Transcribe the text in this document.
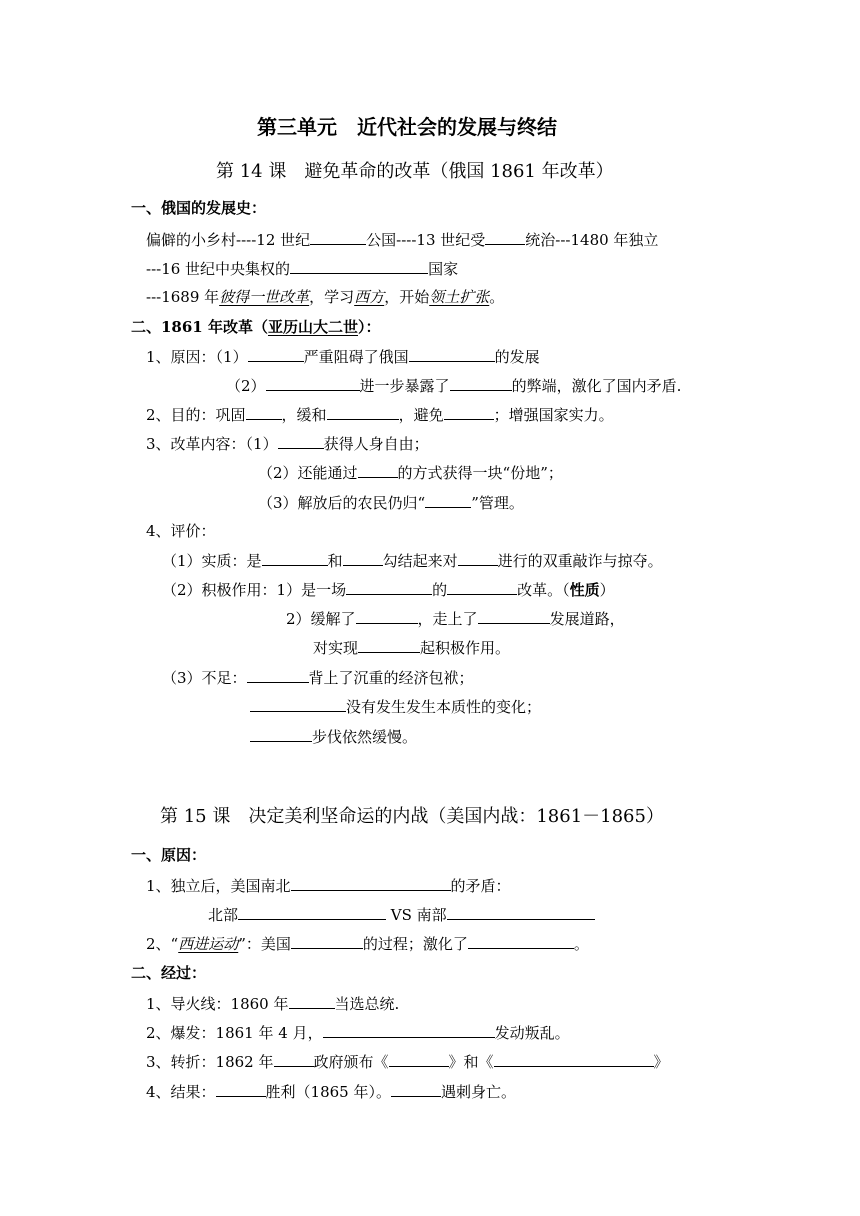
第三单元　近代社会的发展与终结
第 14 课　避免革命的改革（俄国 1861 年改革）
一、俄国的发展史：
偏僻的小乡村----12 世纪	公国----13 世纪受	统治---1480 年独立
---16 世纪中央集权的	国家
---1689 年彼得一世改革，学习西方，开始领土扩张。
二、1861 年改革（亚历山大二世）：
1、原因：（1）	严重阻碍了俄国	的发展
（2）	进一步暴露了	的弊端，激化了国内矛盾.
2、目的：巩固 ，缓和	，避免	；增强国家实力。
3、改革内容：（1）	获得人身自由；
（2）还能通过	的方式获得一块“份地”；
（3）解放后的农民仍归“	”管理。
4、评价：
（1）实质：是	和	勾结起来对	进行的双重敲诈与掠夺。
（2）积极作用：1）是一场	的	改革。（性质）
2）缓解了	，走上了	发展道路，
对实现	起积极作用。
（3）不足：	背上了沉重的经济包袱；
没有发生发生本质性的变化；
步伐依然缓慢。
第 15 课　决定美利坚命运的内战（美国内战：1861－1865）
一、原因：
1、独立后，美国南北	的矛盾：
北部	VS 南部
2、“西进运动”：美国	的过程；激化了	。
二、经过：
1、导火线：1860 年	当选总统.
2、爆发：1861 年 4 月，	发动叛乱。
3、转折：1862 年	政府颁布《	》和《	》
4、结果：	胜利（1865 年）。	遇刺身亡。
